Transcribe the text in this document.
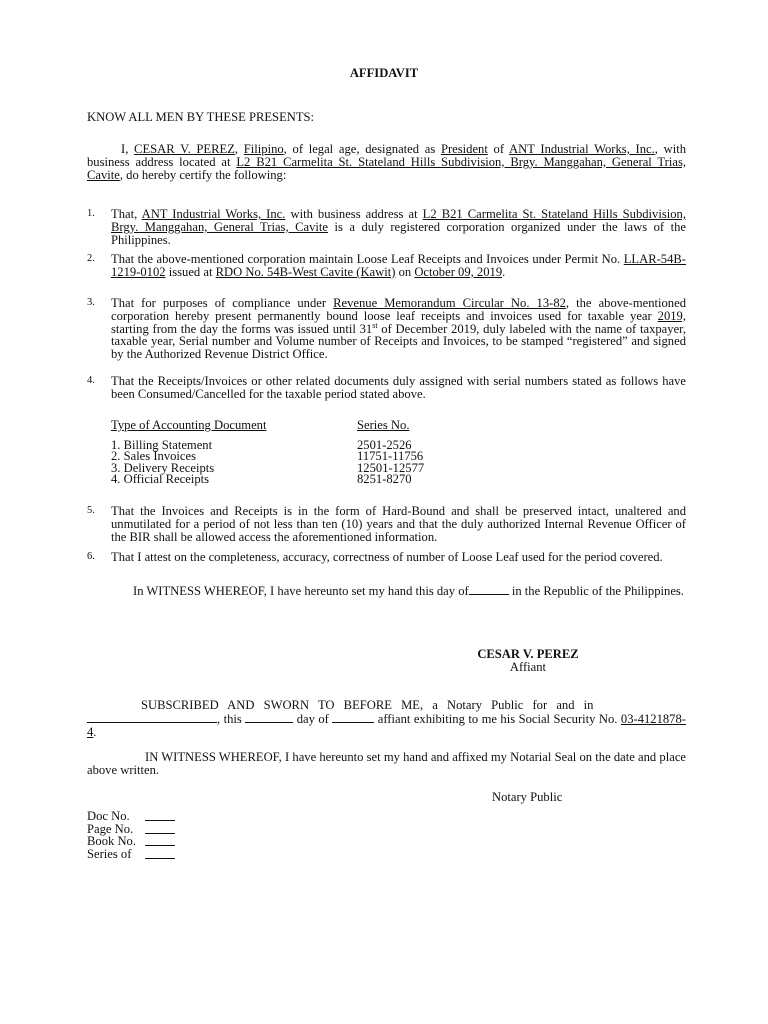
AFFIDAVIT
KNOW ALL MEN BY THESE PRESENTS:
I, CESAR V. PEREZ, Filipino, of legal age, designated as President of ANT Industrial Works, Inc., with business address located at L2 B21 Carmelita St. Stateland Hills Subdivision, Brgy. Manggahan, General Trias, Cavite, do hereby certify the following:
1. That, ANT Industrial Works, Inc. with business address at L2 B21 Carmelita St. Stateland Hills Subdivision, Brgy. Manggahan, General Trias, Cavite is a duly registered corporation organized under the laws of the Philippines.
2. That the above-mentioned corporation maintain Loose Leaf Receipts and Invoices under Permit No. LLAR-54B-1219-0102 issued at RDO No. 54B-West Cavite (Kawit) on October 09, 2019.
3. That for purposes of compliance under Revenue Memorandum Circular No. 13-82, the above-mentioned corporation hereby present permanently bound loose leaf receipts and invoices used for taxable year 2019, starting from the day the forms was issued until 31st of December 2019, duly labeled with the name of taxpayer, taxable year, Serial number and Volume number of Receipts and Invoices, to be stamped “registered” and signed by the Authorized Revenue District Office.
4. That the Receipts/Invoices or other related documents duly assigned with serial numbers stated as follows have been Consumed/Cancelled for the taxable period stated above.
Type of Accounting Document	Series No.
1. Billing Statement	2501-2526
2. Sales Invoices	11751-11756
3. Delivery Receipts	12501-12577
4. Official Receipts	8251-8270
5. That the Invoices and Receipts is in the form of Hard-Bound and shall be preserved intact, unaltered and unmutilated for a period of not less than ten (10) years and that the duly authorized Internal Revenue Officer of the BIR shall be allowed access the aforementioned information.
6. That I attest on the completeness, accuracy, correctness of number of Loose Leaf used for the period covered.
In WITNESS WHEREOF, I have hereunto set my hand this day of	in the Republic of the Philippines.
CESAR V. PEREZ
Affiant
SUBSCRIBED AND SWORN TO BEFORE ME, a Notary Public for and in
, this	day of	affiant exhibiting to me his Social Security No. 03-4121878-4.
IN WITNESS WHEREOF, I have hereunto set my hand and affixed my Notarial Seal on the date and place above written.
Notary Public
Doc No.
Page No.
Book No.
Series of
